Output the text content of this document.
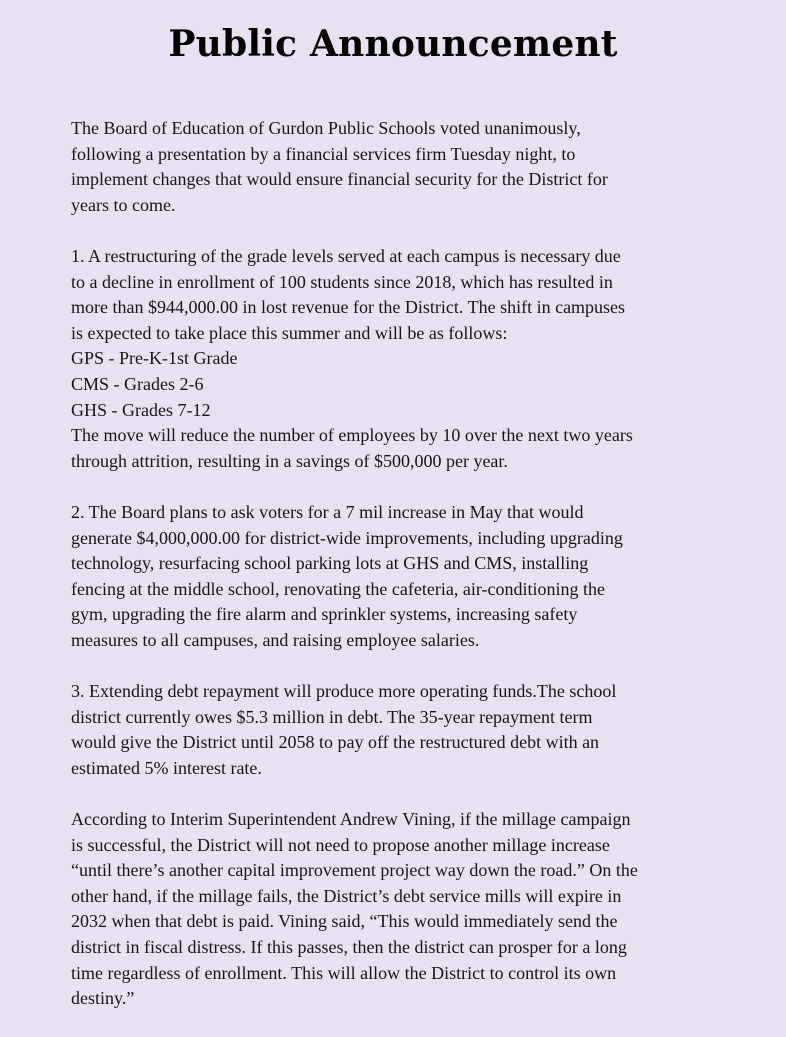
Public Announcement

The Board of Education of Gurdon Public Schools voted unanimously,
following a presentation by a financial services firm Tuesday night, to
implement changes that would ensure financial security for the District for
years to come.

1. A restructuring of the grade levels served at each campus is necessary due
to a decline in enrollment of 100 students since 2018, which has resulted in
more than $944,000.00 in lost revenue for the District. The shift in campuses
is expected to take place this summer and will be as follows:
GPS - Pre-K-1st Grade
CMS - Grades 2-6
GHS - Grades 7-12
The move will reduce the number of employees by 10 over the next two years
through attrition, resulting in a savings of $500,000 per year.

2. The Board plans to ask voters for a 7 mil increase in May that would
generate $4,000,000.00 for district-wide improvements, including upgrading
technology, resurfacing school parking lots at GHS and CMS, installing
fencing at the middle school, renovating the cafeteria, air-conditioning the
gym, upgrading the fire alarm and sprinkler systems, increasing safety
measures to all campuses, and raising employee salaries.

3. Extending debt repayment will produce more operating funds.The school
district currently owes $5.3 million in debt. The 35-year repayment term
would give the District until 2058 to pay off the restructured debt with an
estimated 5% interest rate.

According to Interim Superintendent Andrew Vining, if the millage campaign
is successful, the District will not need to propose another millage increase
“until there’s another capital improvement project way down the road.” On the
other hand, if the millage fails, the District’s debt service mills will expire in
2032 when that debt is paid. Vining said, “This would immediately send the
district in fiscal distress. If this passes, then the district can prosper for a long
time regardless of enrollment. This will allow the District to control its own
destiny.”
